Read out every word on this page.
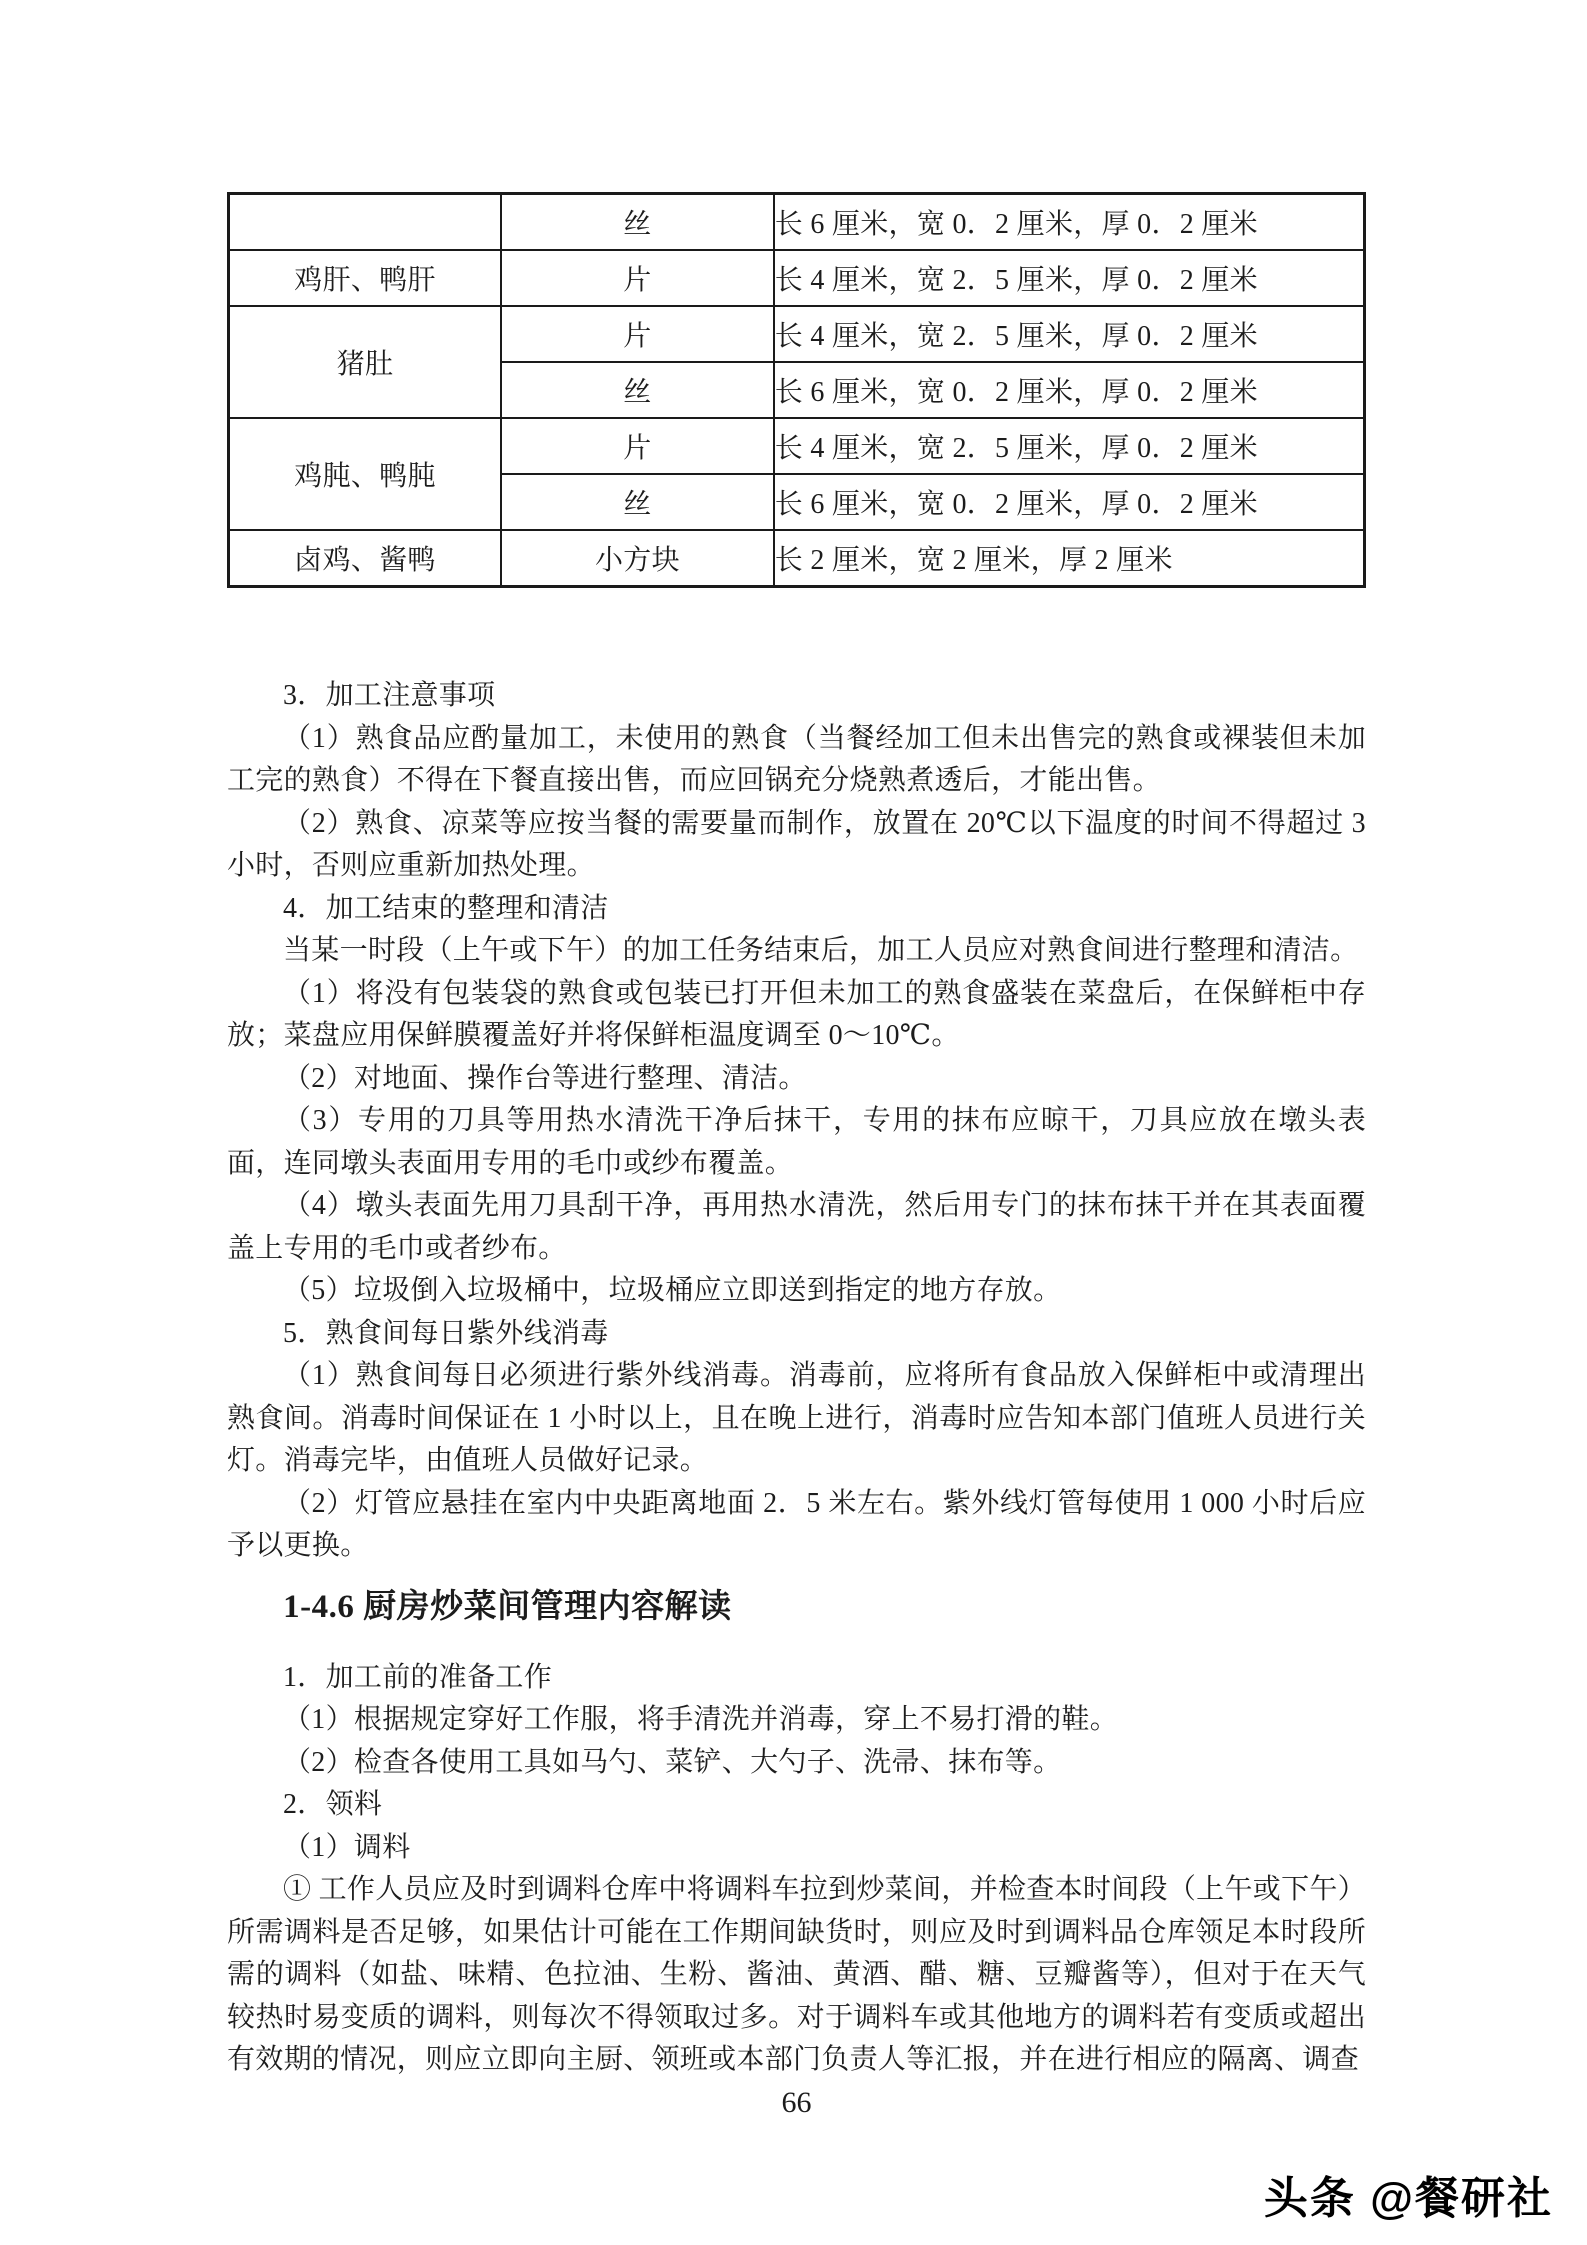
	丝	长 6 厘米，宽 0．2 厘米，厚 0．2 厘米
鸡肝、鸭肝	片	长 4 厘米，宽 2．5 厘米，厚 0．2 厘米
猪肚	片	长 4 厘米，宽 2．5 厘米，厚 0．2 厘米
	丝	长 6 厘米，宽 0．2 厘米，厚 0．2 厘米
鸡肫、鸭肫	片	长 4 厘米，宽 2．5 厘米，厚 0．2 厘米
	丝	长 6 厘米，宽 0．2 厘米，厚 0．2 厘米
卤鸡、酱鸭	小方块	长 2 厘米，宽 2 厘米，厚 2 厘米

3．加工注意事项

（1）熟食品应酌量加工，未使用的熟食（当餐经加工但未出售完的熟食或裸装但未加工完的熟食）不得在下餐直接出售，而应回锅充分烧熟煮透后，才能出售。

（2）熟食、凉菜等应按当餐的需要量而制作，放置在 20℃以下温度的时间不得超过 3 小时，否则应重新加热处理。

4．加工结束的整理和清洁

当某一时段（上午或下午）的加工任务结束后，加工人员应对熟食间进行整理和清洁。

（1）将没有包装袋的熟食或包装已打开但未加工的熟食盛装在菜盘后，在保鲜柜中存放；菜盘应用保鲜膜覆盖好并将保鲜柜温度调至 0～10℃。

（2）对地面、操作台等进行整理、清洁。

（3）专用的刀具等用热水清洗干净后抹干，专用的抹布应晾干，刀具应放在墩头表面，连同墩头表面用专用的毛巾或纱布覆盖。

（4）墩头表面先用刀具刮干净，再用热水清洗，然后用专门的抹布抹干并在其表面覆盖上专用的毛巾或者纱布。

（5）垃圾倒入垃圾桶中，垃圾桶应立即送到指定的地方存放。

5．熟食间每日紫外线消毒

（1）熟食间每日必须进行紫外线消毒。消毒前，应将所有食品放入保鲜柜中或清理出熟食间。消毒时间保证在 1 小时以上，且在晚上进行，消毒时应告知本部门值班人员进行关灯。消毒完毕，由值班人员做好记录。

（2）灯管应悬挂在室内中央距离地面 2．5 米左右。紫外线灯管每使用 1 000 小时后应予以更换。

1-4.6 厨房炒菜间管理内容解读

1．加工前的准备工作

（1）根据规定穿好工作服，将手清洗并消毒，穿上不易打滑的鞋。

（2）检查各使用工具如马勺、菜铲、大勺子、洗帚、抹布等。

2．领料

（1）调料

① 工作人员应及时到调料仓库中将调料车拉到炒菜间，并检查本时间段（上午或下午）所需调料是否足够，如果估计可能在工作期间缺货时，则应及时到调料品仓库领足本时段所需的调料（如盐、味精、色拉油、生粉、酱油、黄酒、醋、糖、豆瓣酱等），但对于在天气较热时易变质的调料，则每次不得领取过多。对于调料车或其他地方的调料若有变质或超出有效期的情况，则应立即向主厨、领班或本部门负责人等汇报，并在进行相应的隔离、调查

66
头条 @餐研社
